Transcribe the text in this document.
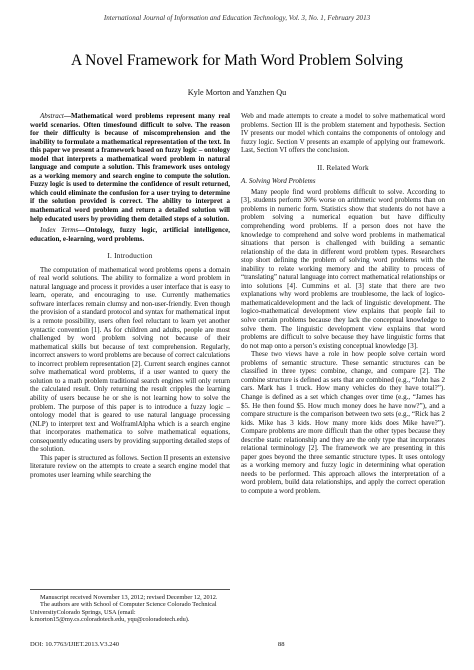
International Journal of Information and Education Technology, Vol. 3, No. 1, February 2013
A Novel Framework for Math Word Problem Solving
Kyle Morton and Yanzhen Qu

Abstract—Mathematical word problems represent many real world scenarios. Often timesfound difficult to solve. The reason for their difficulty is because of miscomprehension and the inability to formulate a mathematical representation of the text. In this paper we present a framework based on fuzzy logic – ontology model that interprets a mathematical word problem in natural language and compute a solution. This framework uses ontology as a working memory and search engine to compute the solution. Fuzzy logic is used to determine the confidence of result returned, which could eliminate the confusion for a user trying to determine if the solution provided is correct. The ability to interpret a mathematical word problem and return a detailed solution will help educated users by providing them detailed steps of a solution.

Index Terms—Ontology, fuzzy logic, artificial intelligence, education, e-learning, word problems.

I. Introduction

The computation of mathematical word problems opens a domain of real world solutions. The ability to formalize a word problem in natural language and process it provides a user interface that is easy to learn, operate, and encouraging to use. Currently mathematics software interfaces remain clumsy and non-user-friendly. Even though the provision of a standard protocol and syntax for mathematical input is a remote possibility, users often feel reluctant to learn yet another syntactic convention [1]. As for children and adults, people are most challenged by word problem solving not because of their mathematical skills but because of text comprehension. Regularly, incorrect answers to word problems are because of correct calculations to incorrect problem representation [2]. Current search engines cannot solve mathematical word problems, if a user wanted to query the solution to a math problem traditional search engines will only return the calculated result. Only returning the result cripples the learning ability of users because he or she is not learning how to solve the problem. The purpose of this paper is to introduce a fuzzy logic – ontology model that is geared to use natural language processing (NLP) to interpret text and WolframlAlpha which is a search engine that incorporates mathematica to solve mathematical equations, consequently educating users by providing supporting detailed steps of the solution.

This paper is structured as follows. Section II presents an extensive literature review on the attempts to create a search engine model that promotes user learning while searching the

Web and made attempts to create a model to solve mathematical word problems. Section III is the problem statement and hypothesis. Section IV presents our model which contains the components of ontology and fuzzy logic. Section V presents an example of applying our framework. Last, Section VI offers the conclusion.

II. Related Work
A. Solving Word Problems

Many people find word problems difficult to solve. According to [3], students perform 30% worse on arithmetic word problems than on problems in numeric form. Statistics show that students do not have a problem solving a numerical equation but have difficulty comprehending word problems. If a person does not have the knowledge to comprehend and solve word problems in mathematical situations that person is challenged with building a semantic relationship of the data in different word problem types. Researchers stop short defining the problem of solving word problems with the inability to relate working memory and the ability to process of “translating” natural language into correct mathematical relationships or into solutions [4]. Cummins et al. [3] state that there are two explanations why word problems are troublesome, the lack of logico-mathematicaldevelopment and the lack of linguistic development. The logico-mathematical development view explains that people fail to solve certain problems because they lack the conceptual knowledge to solve them. The linguistic development view explains that word problems are difficult to solve because they have linguistic forms that do not map onto a person’s existing conceptual knowledge [3].

These two views have a role in how people solve certain word problems of semantic structure. These semantic structures can be classified in three types: combine, change, and compare [2]. The combine structure is defined as sets that are combined (e.g., “John has 2 cars. Mark has 1 truck. How many vehicles do they have total?”). Change is defined as a set which changes over time (e.g., “James has $5. He then found $5. How much money does he have now?”), and a compare structure is the comparison between two sets (e.g., “Rick has 2 kids. Mike has 3 kids. How many more kids does Mike have?”). Compare problems are more difficult than the other types because they describe static relationship and they are the only type that incorporates relational terminology [2]. The framework we are presenting in this paper goes beyond the three semantic structure types. It uses ontology as a working memory and fuzzy logic in determining what operation needs to be performed. This approach allows the interpretation of a word problem, build data relationships, and apply the correct operation to compute a word problem.

Manuscript received November 13, 2012; revised December 12, 2012.

The authors are with School of Computer Science Colorado Technical UniversityColorado Springs, USA (email: k.morton15@my.cs.coloradotech.edu, yqu@coloradotech.edu).

DOI: 10.7763/IJIET.2013.V3.240	88
